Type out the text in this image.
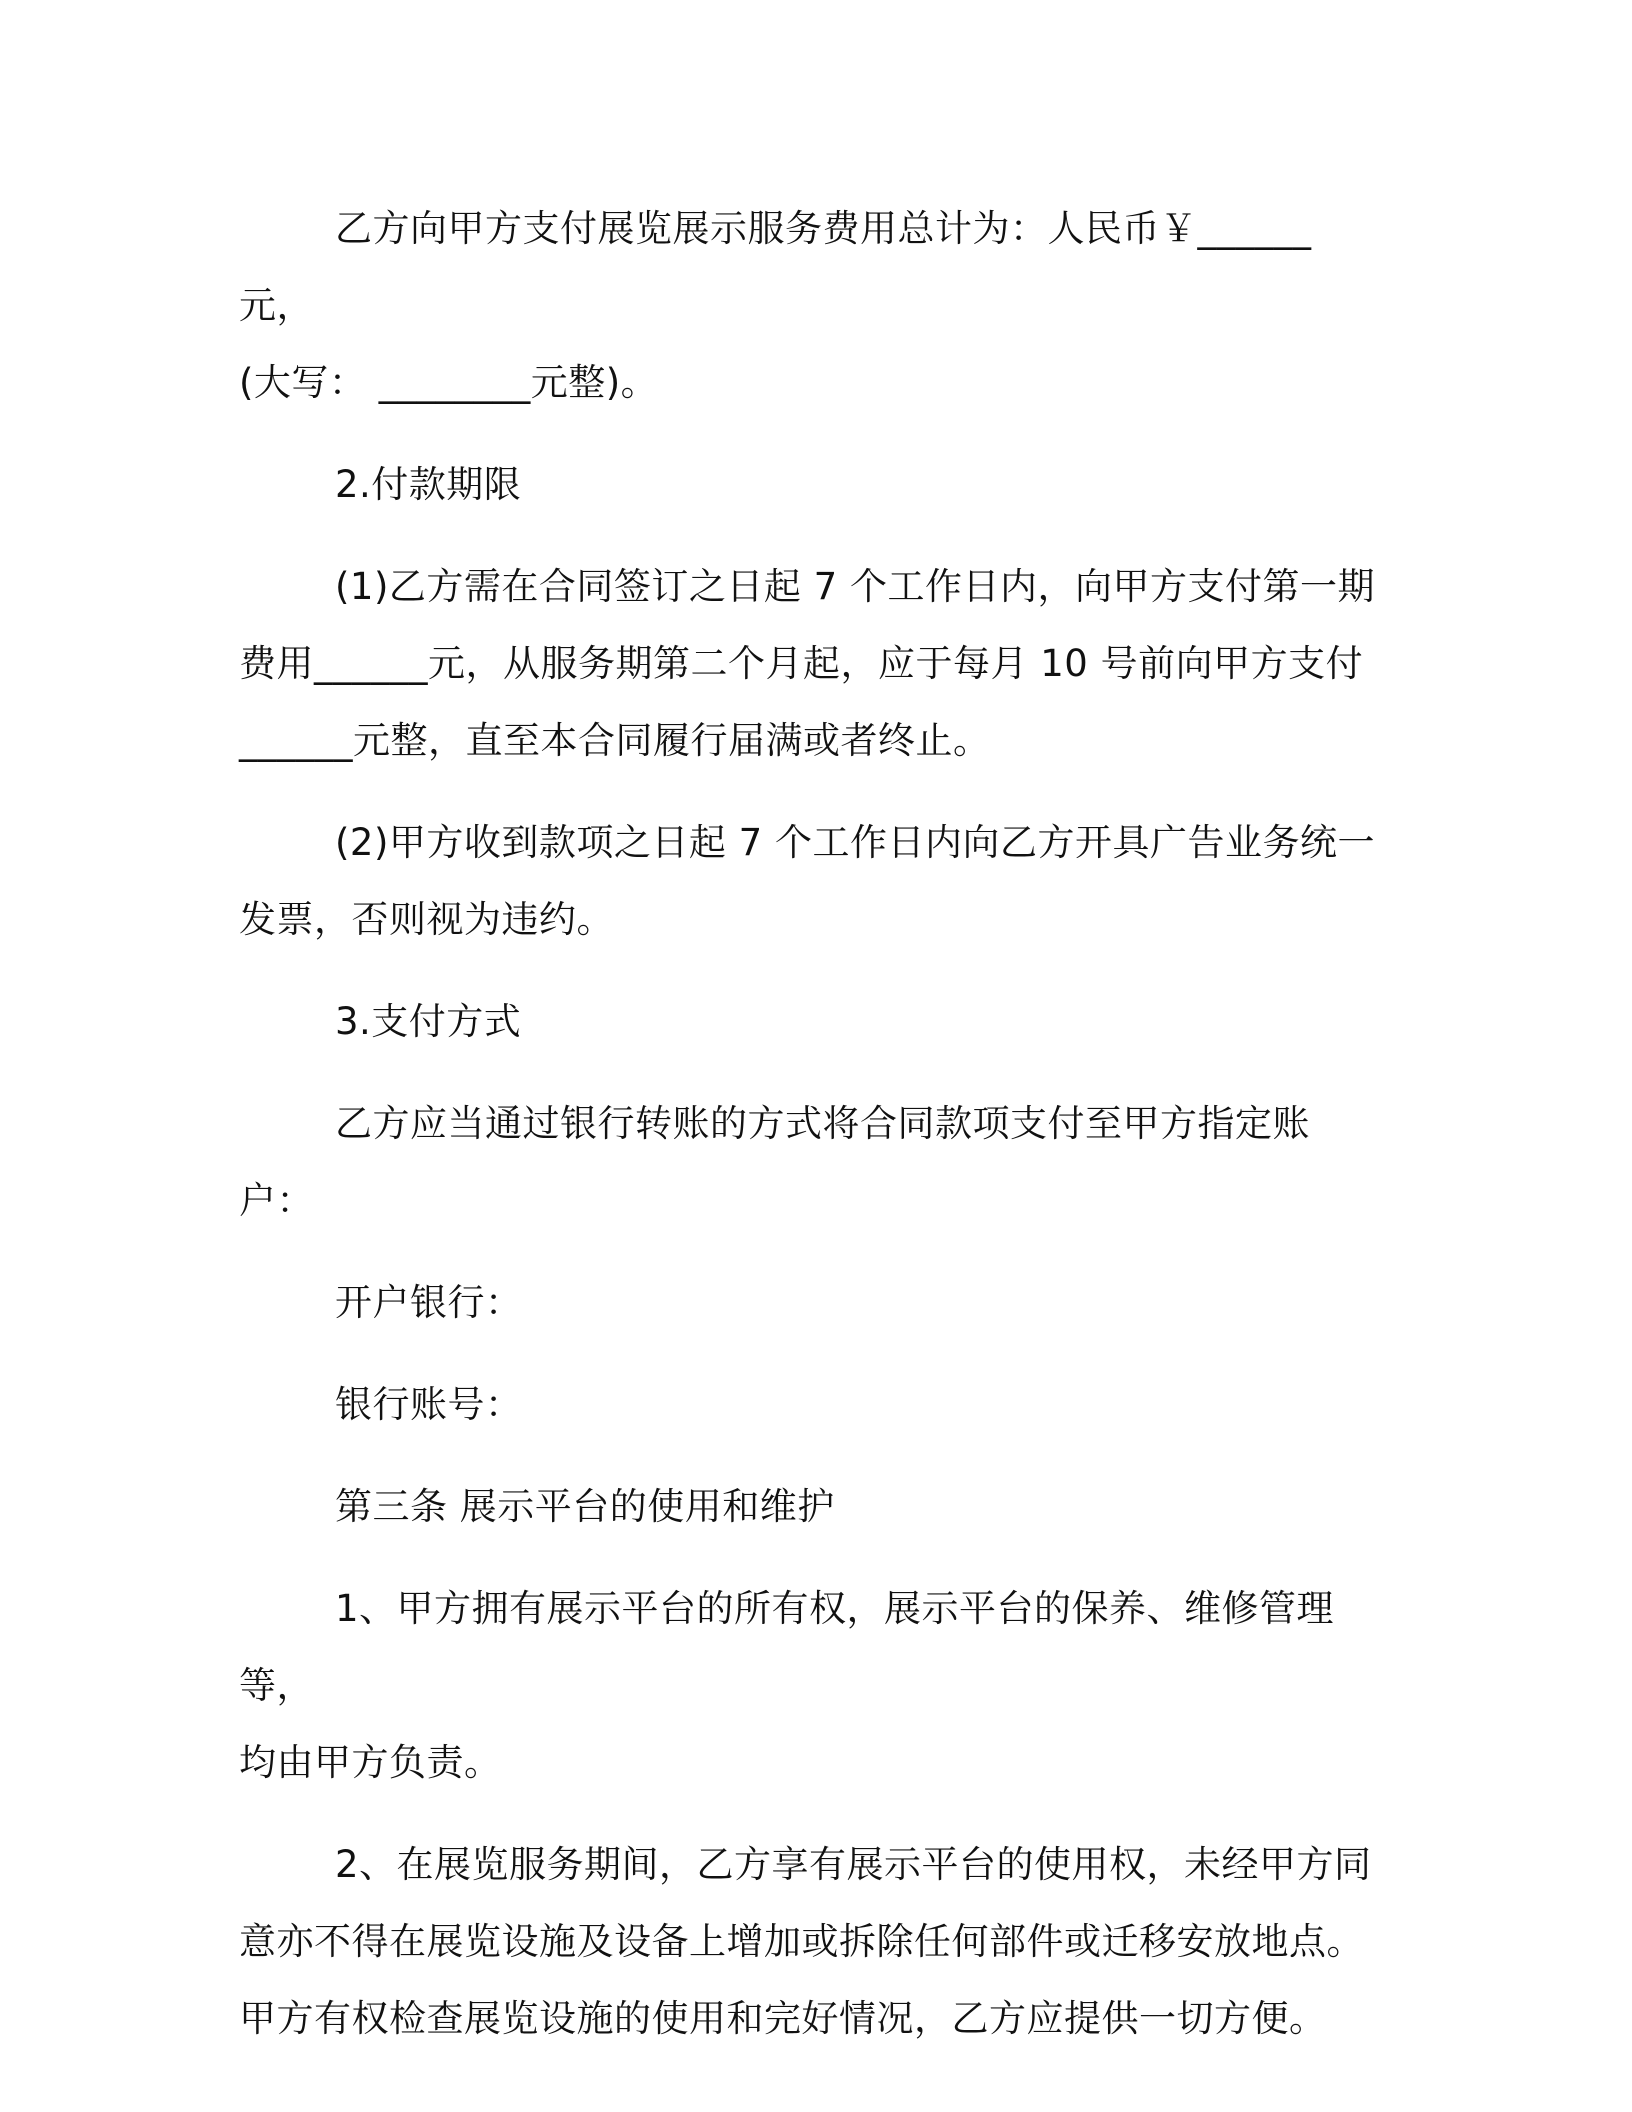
乙方向甲方支付展览展示服务费用总计为：人民币￥______元，
(大写： ________元整)。

2.付款期限

(1)乙方需在合同签订之日起 7 个工作日内，向甲方支付第一期
费用______元，从服务期第二个月起，应于每月 10 号前向甲方支付
______元整，直至本合同履行届满或者终止。

(2)甲方收到款项之日起 7 个工作日内向乙方开具广告业务统一
发票，否则视为违约。

3.支付方式

乙方应当通过银行转账的方式将合同款项支付至甲方指定账户：

开户银行：

银行账号：

第三条 展示平台的使用和维护

1、甲方拥有展示平台的所有权，展示平台的保养、维修管理等，
均由甲方负责。

2、在展览服务期间，乙方享有展示平台的使用权，未经甲方同
意亦不得在展览设施及设备上增加或拆除任何部件或迁移安放地点。
甲方有权检查展览设施的使用和完好情况，乙方应提供一切方便。
